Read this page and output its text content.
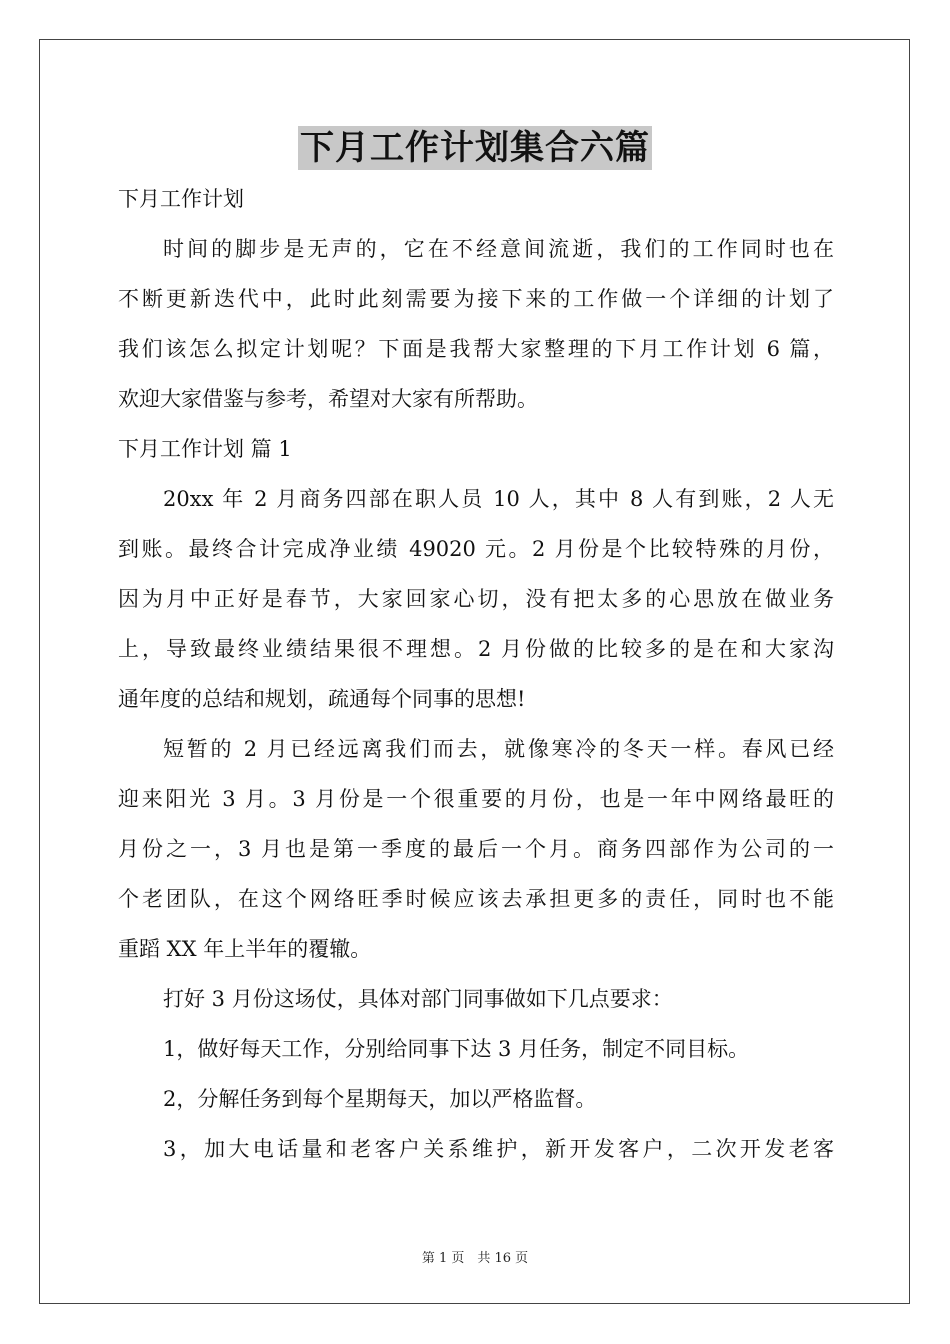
下月工作计划集合六篇
下月工作计划
时间的脚步是无声的，它在不经意间流逝，我们的工作同时也在
不断更新迭代中，此时此刻需要为接下来的工作做一个详细的计划了
我们该怎么拟定计划呢？下面是我帮大家整理的下月工作计划 6 篇，
欢迎大家借鉴与参考，希望对大家有所帮助。
下月工作计划 篇 1
20xx 年 2 月商务四部在职人员 10 人，其中 8 人有到账，2 人无
到账。最终合计完成净业绩 49020 元。2 月份是个比较特殊的月份，
因为月中正好是春节，大家回家心切，没有把太多的心思放在做业务
上，导致最终业绩结果很不理想。2 月份做的比较多的是在和大家沟
通年度的总结和规划，疏通每个同事的思想!
短暂的 2 月已经远离我们而去，就像寒冷的冬天一样。春风已经
迎来阳光 3 月。3 月份是一个很重要的月份，也是一年中网络最旺的
月份之一，3 月也是第一季度的最后一个月。商务四部作为公司的一
个老团队，在这个网络旺季时候应该去承担更多的责任，同时也不能
重蹈 XX 年上半年的覆辙。
打好 3 月份这场仗，具体对部门同事做如下几点要求：
1，做好每天工作，分别给同事下达 3 月任务，制定不同目标。
2，分解任务到每个星期每天，加以严格监督。
3，加大电话量和老客户关系维护，新开发客户，二次开发老客
第 1 页　共 16 页
